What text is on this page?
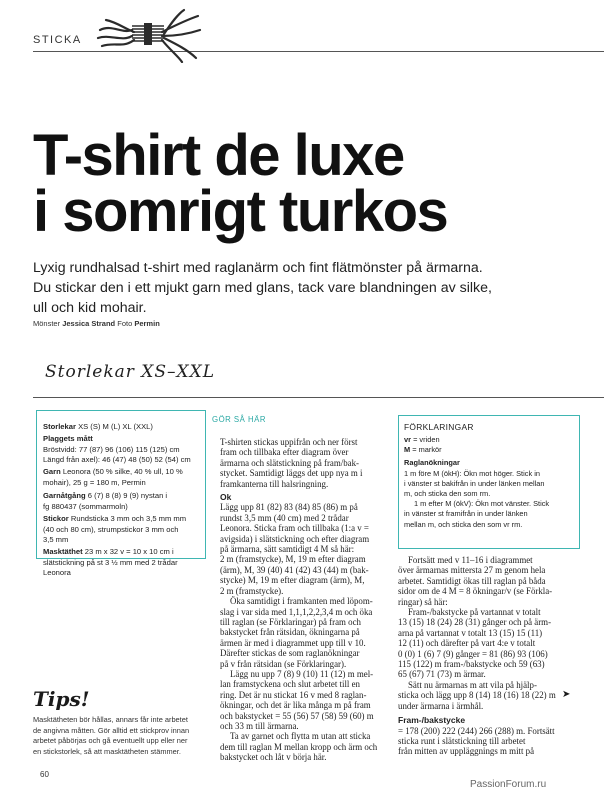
STICKA
T-shirt de luxe
i somrigt turkos
Lyxig rundhalsad t-shirt med raglanärm och fint flätmönster på ärmarna.
Du stickar den i ett mjukt garn med glans, tack vare blandningen av silke,
ull och kid mohair.
Mönster Jessica Strand Foto Permin
Storlekar XS–XXL
Storlekar XS (S) M (L) XL (XXL)
Plaggets mått
Bröstvidd: 77 (87) 96 (106) 115 (125) cm
Längd från axel): 46 (47) 48 (50) 52 (54) cm
Garn Leonora (50 % silke, 40 % ull, 10 %
mohair), 25 g = 180 m, Permin
Garnåtgång 6 (7) 8 (8) 9 (9) nystan i
fg 880437 (sommarmoln)
Stickor Rundsticka 3 mm och 3,5 mm mm
(40 och 80 cm), strumpstickor 3 mm och
3,5 mm
Masktäthet 23 m x 32 v = 10 x 10 cm i
slätstickning på st 3 ½ mm med 2 trådar
Leonora
Tips!
Masktätheten bör hållas, annars får inte arbetet
de angivna måtten. Gör alltid ett stickprov innan
arbetet påbörjas och gå eventuellt upp eller ner
en stickstorlek, så att masktätheten stämmer.
60
GÖR SÅ HÄR

T-shirten stickas uppifrån och ner först

fram och tillbaka efter diagram över

ärmarna och slätstickning på fram/bak-

stycket. Samtidigt läggs det upp nya m i

framkanterna till halsringning.

Ok

Lägg upp 81 (82) 83 (84) 85 (86) m på

rundst 3,5 mm (40 cm) med 2 trådar

Leonora. Sticka fram och tillbaka (1:a v =

avigsida) i slätstickning och efter diagram

på ärmarna, sätt samtidigt 4 M så här:

2 m (framstycke), M, 19 m efter diagram

(ärm), M, 39 (40) 41 (42) 43 (44) m (bak-

stycke) M, 19 m efter diagram (ärm), M,

2 m (framstycke).

Öka samtidigt i framkanten med löpom-

slag i var sida med 1,1,1,2,2,3,4 m och öka

till raglan (se Förklaringar) på fram och

bakstycket från rätsidan, ökningarna på

ärmen är med i diagrammet upp till v 10.

Därefter stickas de som raglanökningar

på v från rätsidan (se Förklaringar).

Lägg nu upp 7 (8) 9 (10) 11 (12) m mel-

lan framstyckena och slut arbetet till en

ring. Det är nu stickat 16 v med 8 raglan-

ökningar, och det är lika många m på fram

och bakstycket = 55 (56) 57 (58) 59 (60) m

och 33 m till ärmarna.

Ta av garnet och flytta m utan att sticka

dem till raglan M mellan kropp och ärm och

bakstycket och låt v börja här.

FÖRKLARINGAR
vr = vriden
M = markör
Raglanökningar
1 m före M (ökH): Ökn mot höger. Stick in
i vänster st bakifrån in under länken mellan
m, och sticka den som rm.
1 m efter M (ökV): Ökn mot vänster. Stick
in vänster st framifrån in under länken
mellan m, och sticka den som vr rm.

Fortsätt med v 11–16 i diagrammet

över ärmarnas mittersta 27 m genom hela

arbetet. Samtidigt ökas till raglan på båda

sidor om de 4 M = 8 ökningar/v (se Förkla-

ringar) så här:

Fram-/bakstycke på vartannat v totalt

13 (15) 18 (24) 28 (31) gånger och på ärm-

arna på vartannat v totalt 13 (15) 15 (11)

12 (11) och därefter på vart 4:e v totalt

0 (0) 1 (6) 7 (9) gånger = 81 (86) 93 (106)

115 (122) m fram-/bakstycke och 59 (63)

65 (67) 71 (73) m ärmar.

Sätt nu ärmarnas m att vila på hjälp-

sticka och lägg upp 8 (14) 18 (16) 18 (22) m

under ärmarna i ärmhål.

Fram-/bakstycke

= 178 (200) 222 (244) 266 (288) m. Fortsätt

sticka runt i slätstickning till arbetet

från mitten av uppläggnings m mitt på

➤
PassionForum.ru
